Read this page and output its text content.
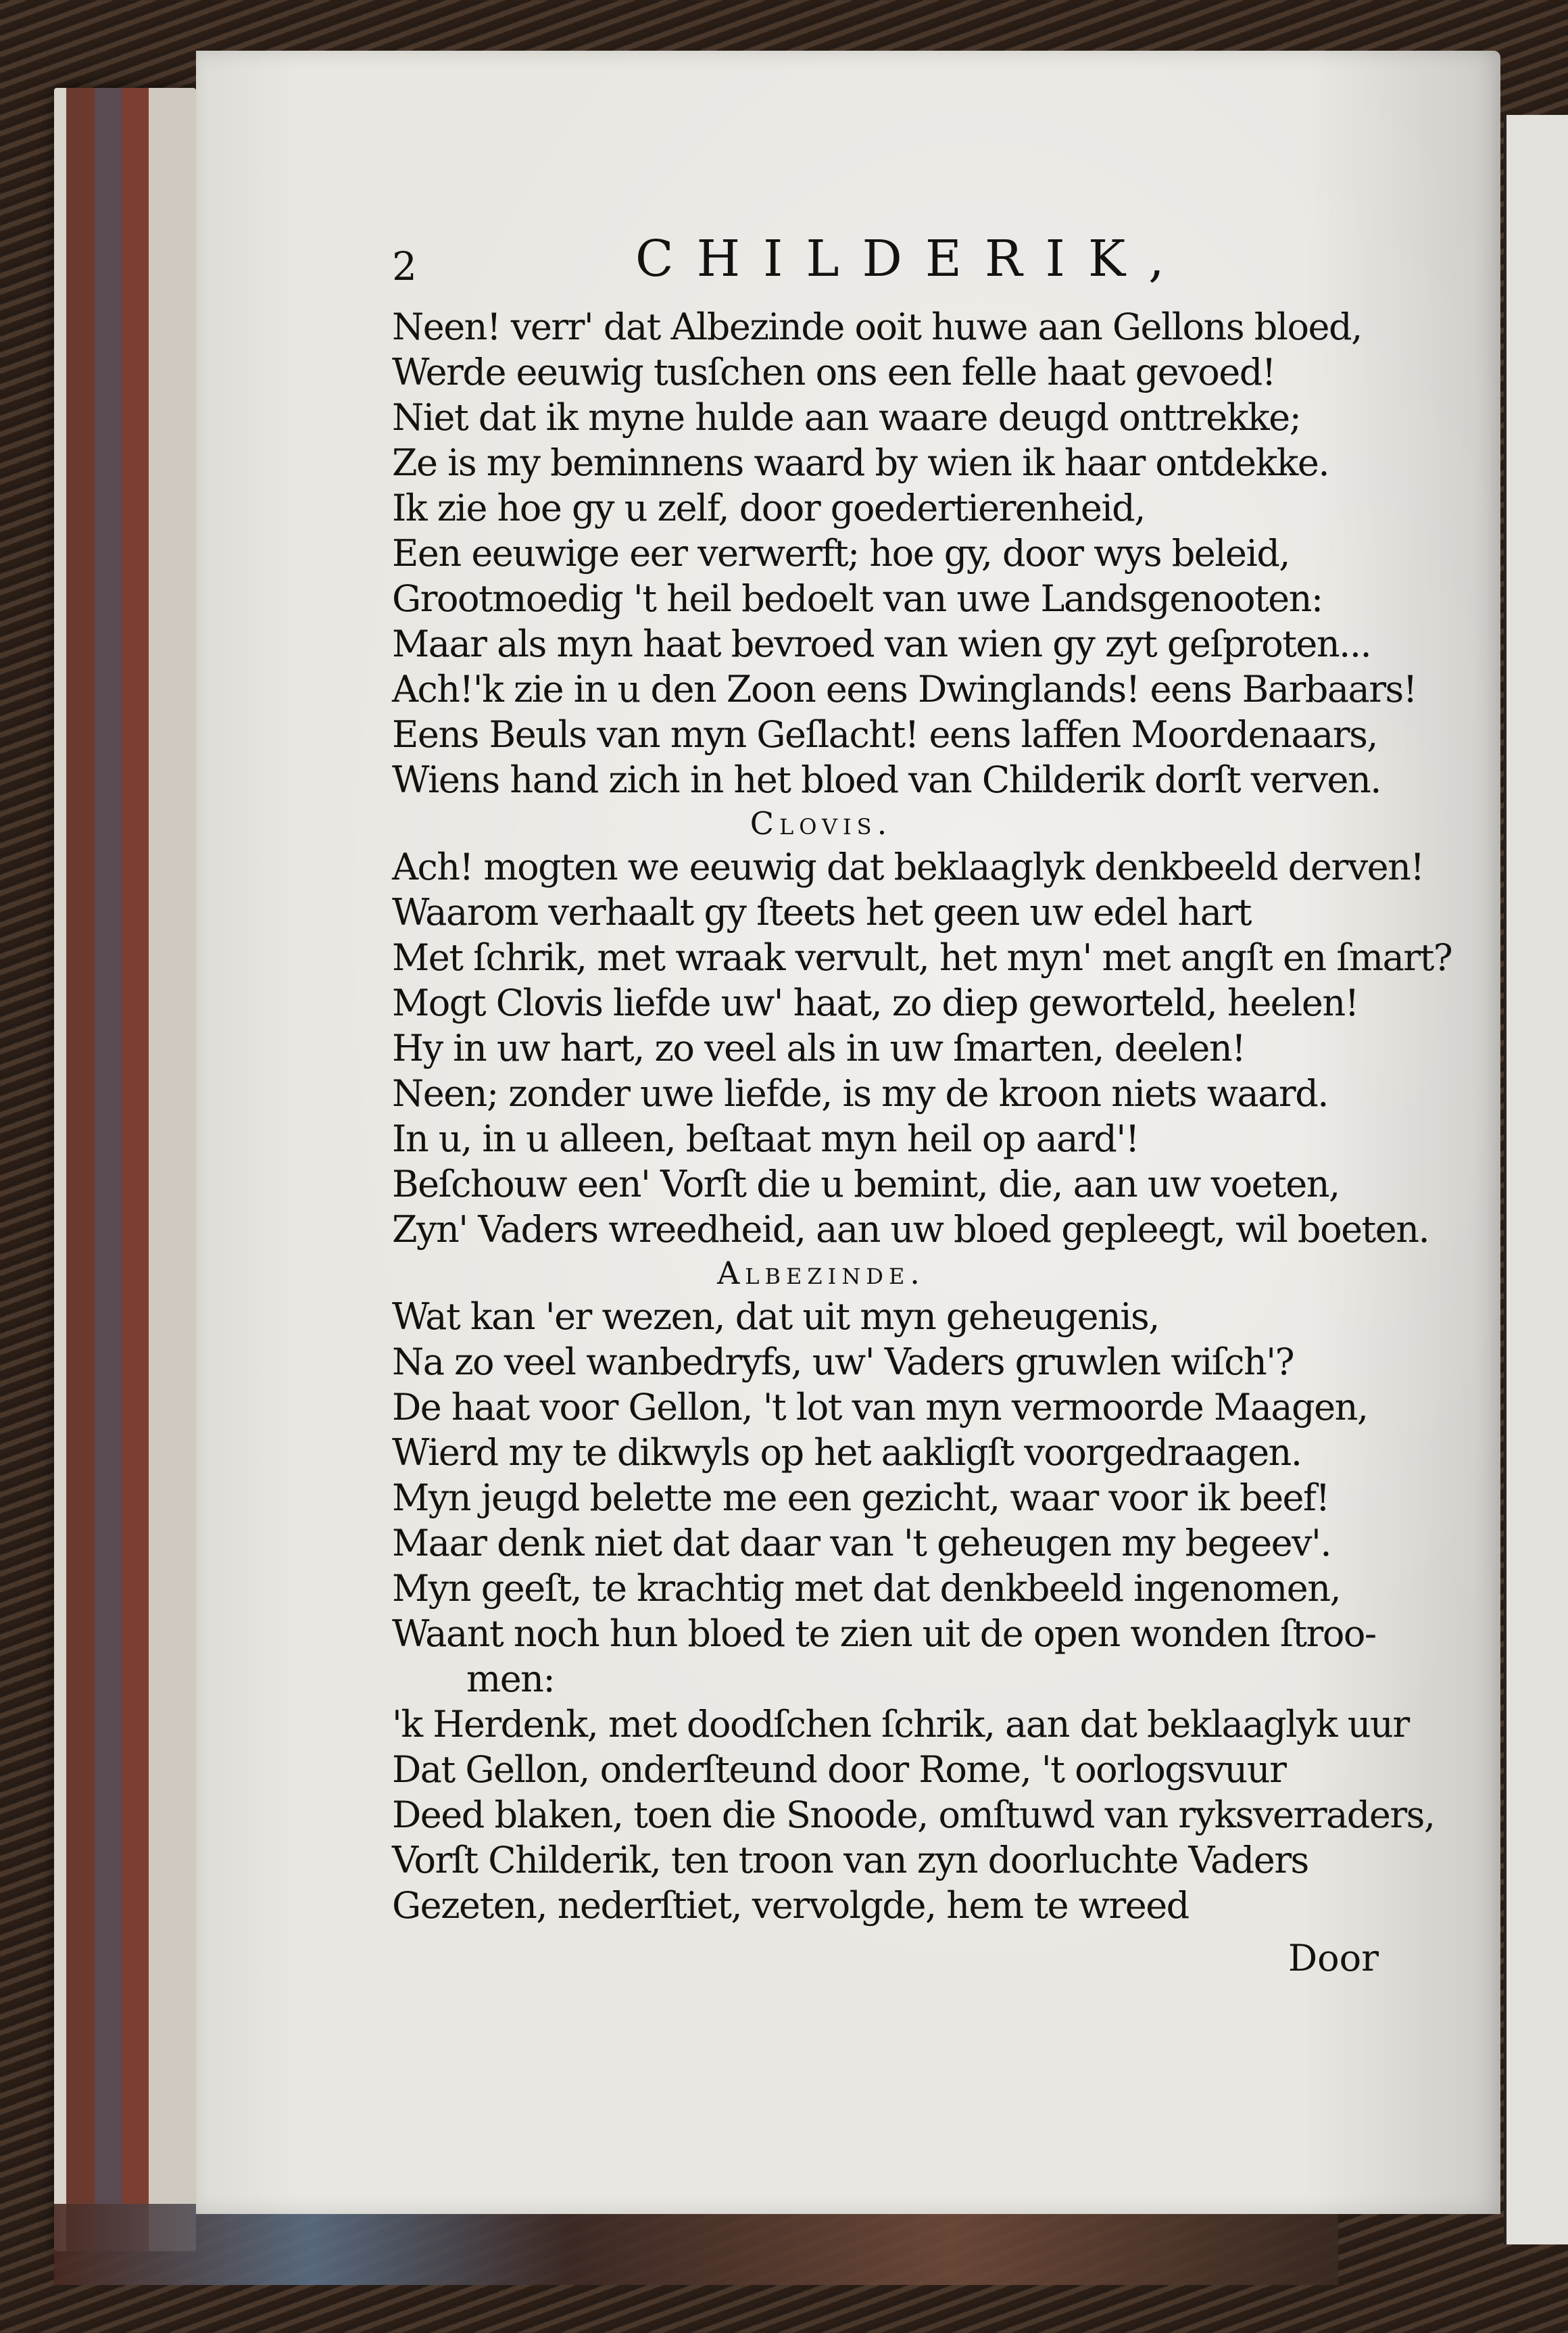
2	CHILDERIK,
Neen! verr' dat Albezinde ooit huwe aan Gellons bloed,
Werde eeuwig tusſchen ons een felle haat gevoed!
Niet dat ik myne hulde aan waare deugd onttrekke;
Ze is my beminnens waard by wien ik haar ontdekke.
Ik zie hoe gy u zelf, door goedertierenheid,
Een eeuwige eer verwerft; hoe gy, door wys beleid,
Grootmoedig 't heil bedoelt van uwe Landsgenooten:
Maar als myn haat bevroed van wien gy zyt geſproten...
Ach!'k zie in u den Zoon eens Dwinglands! eens Barbaars!
Eens Beuls van myn Geſlacht! eens laffen Moordenaars,
Wiens hand zich in het bloed van Childerik dorſt verven.
Clovis.
Ach! mogten we eeuwig dat beklaaglyk denkbeeld derven!
Waarom verhaalt gy ſteets het geen uw edel hart
Met ſchrik, met wraak vervult, het myn' met angſt en ſmart?
Mogt Clovis liefde uw' haat, zo diep geworteld, heelen!
Hy in uw hart, zo veel als in uw ſmarten, deelen!
Neen; zonder uwe liefde, is my de kroon niets waard.
In u, in u alleen, beſtaat myn heil op aard'!
Beſchouw een' Vorſt die u bemint, die, aan uw voeten,
Zyn' Vaders wreedheid, aan uw bloed gepleegt, wil boeten.
Albezinde.
Wat kan 'er wezen, dat uit myn geheugenis,
Na zo veel wanbedryfs, uw' Vaders gruwlen wiſch'?
De haat voor Gellon, 't lot van myn vermoorde Maagen,
Wierd my te dikwyls op het aakligſt voorgedraagen.
Myn jeugd belette me een gezicht, waar voor ik beef!
Maar denk niet dat daar van 't geheugen my begeev'.
Myn geeſt, te krachtig met dat denkbeeld ingenomen,
Waant noch hun bloed te zien uit de open wonden ſtroo-
men:
'k Herdenk, met doodſchen ſchrik, aan dat beklaaglyk uur
Dat Gellon, onderſteund door Rome, 't oorlogsvuur
Deed blaken, toen die Snoode, omſtuwd van ryksverraders,
Vorſt Childerik, ten troon van zyn doorluchte Vaders
Gezeten, nederſtiet, vervolgde, hem te wreed
Door
